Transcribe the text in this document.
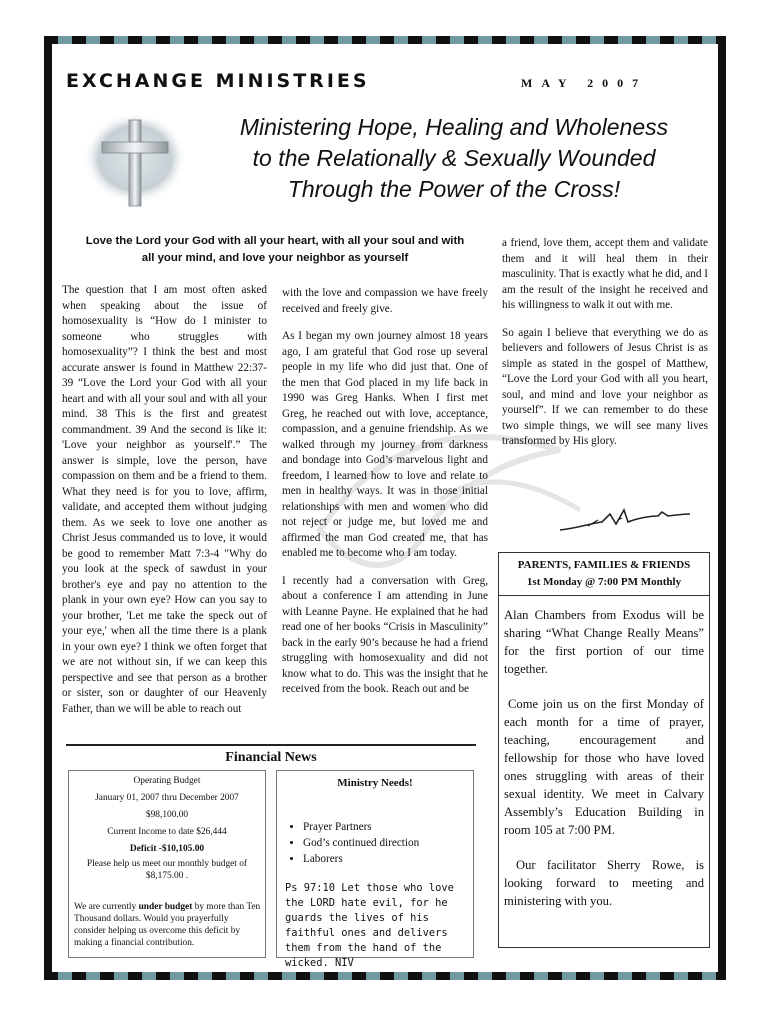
EXCHANGE MINISTRIES	MAY 2007
Ministering Hope, Healing and Wholeness
to the Relationally & Sexually Wounded
Through the Power of the Cross!
Love the Lord your God with all your heart, with all your soul and with
all your mind, and love your neighbor as yourself

The question that I am most often asked when speaking about the issue of homosexuality is “How do I minister to someone who struggles with homosexuality”? I think the best and most accurate answer is found in Matthew 22:37-39 “Love the Lord your God with all your heart and with all your soul and with all your mind. 38 This is the first and greatest commandment. 39 And the second is like it: 'Love your neighbor as yourself'.” The answer is simple, love the person, have compassion on them and be a friend to them. What they need is for you to love, affirm, validate, and accepted them without judging them. As we seek to love one another as Christ Jesus commanded us to love, it would be good to remember Matt 7:3-4 "Why do you look at the speck of sawdust in your brother's eye and pay no attention to the plank in your own eye? How can you say to your brother, 'Let me take the speck out of your eye,' when all the time there is a plank in your own eye? I think we often forget that we are not without sin, if we can keep this perspective and see that person as a brother or sister, son or daughter of our Heavenly Father, than we will be able to reach out

with the love and compassion we have freely received and freely give.

As I began my own journey almost 18 years ago, I am grateful that God rose up several people in my life who did just that. One of the men that God placed in my life back in 1990 was Greg Hanks. When I first met Greg, he reached out with love, acceptance, compassion, and a genuine friendship. As we walked through my journey from darkness and bondage into God’s marvelous light and freedom, I learned how to love and relate to men in healthy ways. It was in those initial relationships with men and women who did not reject or judge me, but loved me and affirmed the man God created me, that has enabled me to become who I am today.

I recently had a conversation with Greg, about a conference I am attending in June with Leanne Payne. He explained that he had read one of her books “Crisis in Masculinity” back in the early 90’s because he had a friend struggling with homosexuality and did not know what to do. This was the insight that he received from the book. Reach out and be

a friend, love them, accept them and validate them and it will heal them in their masculinity. That is exactly what he did, and I am the result of the insight he received and his willingness to walk it out with me.

So again I believe that everything we do as believers and followers of Jesus Christ is as simple as stated in the gospel of Matthew, “Love the Lord your God with all you heart, soul, and mind and love your neighbor as yourself”. If we can remember to do these two simple things, we will see many lives transformed by His glory.

PARENTS, FAMILIES & FRIENDS
1st Monday @ 7:00 PM Monthly

Alan Chambers from Exodus will be sharing “What Change Really Means” for the first portion of our time together.

Come join us on the first Monday of each month for a time of prayer, teaching, encouragement and fellowship for those who have loved ones struggling with areas of their sexual identity. We meet in Calvary Assembly’s Education Building in room 105 at 7:00 PM.

Our facilitator Sherry Rowe, is looking forward to meeting and ministering with you.

Financial News
Operating Budget
January 01, 2007 thru December 2007
$98,100.00
Current Income to date $26,444
Deficit -$10,105.00
Please help us meet our monthly budget of $8,175.00 .
We are currently under budget by more than Ten Thousand dollars. Would you prayerfully consider helping us overcome this deficit by making a financial contribution.
Ministry Needs!
• Prayer Partners
• God’s continued direction
• Laborers
Ps 97:10 Let those who love the LORD hate evil, for he guards the lives of his faithful ones and delivers them from the hand of the wicked. NIV
